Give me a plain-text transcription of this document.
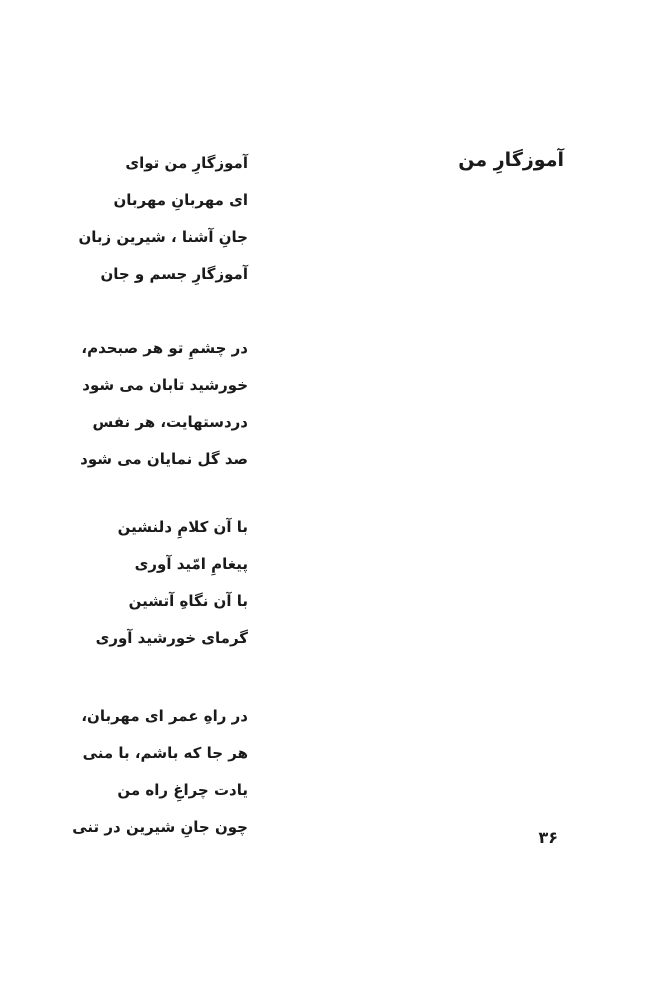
آموزگارِ من
آموزگارِ من توای
ای مهربانِ مهربان
جانِ آشنا ، شیرین زبان
آموزگارِ جسم و جان
در چشمِ تو هر صبحدم،
خورشید تابان می شود
دردستهایت، هر نفس
صد گل نمایان می شود
با آن کلامِ دلنشین
پیغامِ امّید آوری
با آن نگاهِ آتشین
گرمای خورشید آوری
در راهِ عمر ای مهربان،
هر جا که باشم، با منی
یادت چراغِ راه من
چون جانِ شیرین در تنی
۳۶
